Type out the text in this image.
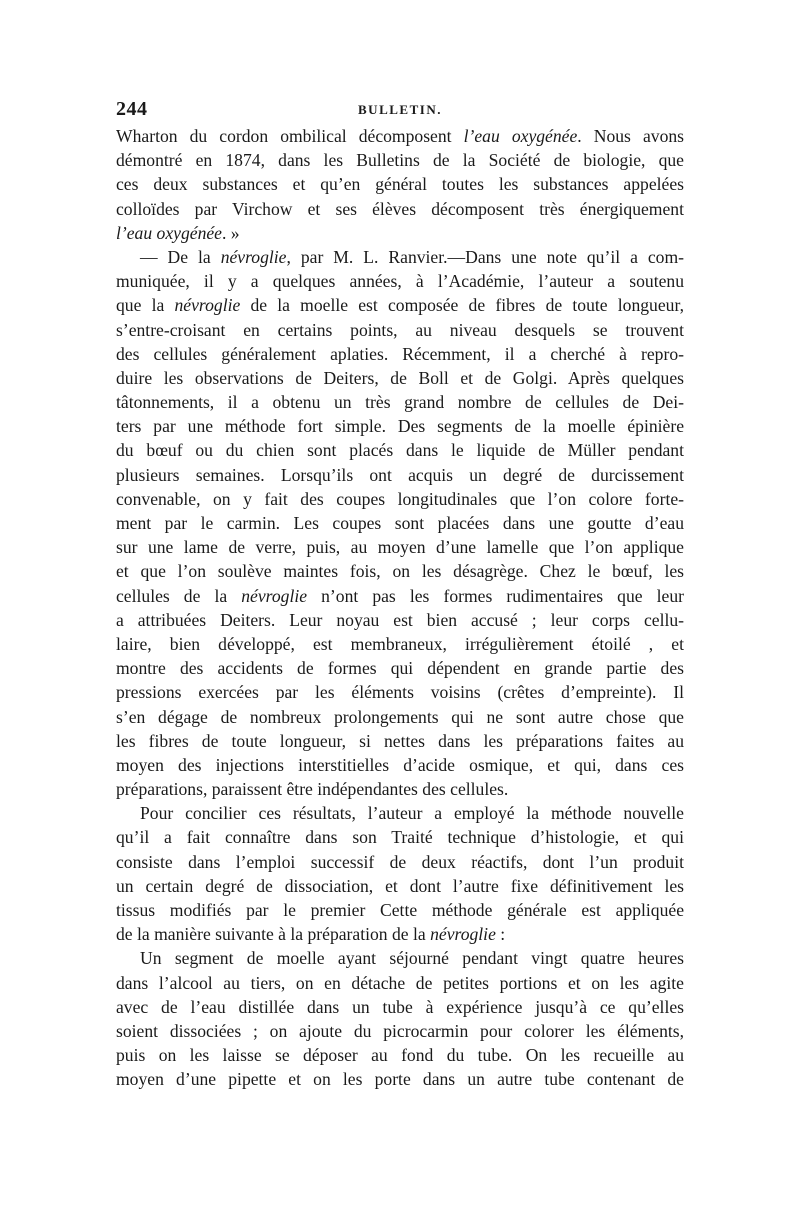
244	BULLETIN.
Wharton du cordon ombilical décomposent l’eau oxygénée. Nous avons
démontré en 1874, dans les Bulletins de la Société de biologie, que
ces deux substances et qu’en général toutes les substances appelées
colloïdes par Virchow et ses élèves décomposent très énergiquement
l’eau oxygénée. »
— De la névroglie, par M. L. Ranvier.—Dans une note qu’il a com-
muniquée, il y a quelques années, à l’Académie, l’auteur a soutenu
que la névroglie de la moelle est composée de fibres de toute longueur,
s’entre-croisant en certains points, au niveau desquels se trouvent
des cellules généralement aplaties. Récemment, il a cherché à repro-
duire les observations de Deiters, de Boll et de Golgi. Après quelques
tâtonnements, il a obtenu un très grand nombre de cellules de Dei-
ters par une méthode fort simple. Des segments de la moelle épinière
du bœuf ou du chien sont placés dans le liquide de Müller pendant
plusieurs semaines. Lorsqu’ils ont acquis un degré de durcissement
convenable, on y fait des coupes longitudinales que l’on colore forte-
ment par le carmin. Les coupes sont placées dans une goutte d’eau
sur une lame de verre, puis, au moyen d’une lamelle que l’on applique
et que l’on soulève maintes fois, on les désagrège. Chez le bœuf, les
cellules de la névroglie n’ont pas les formes rudimentaires que leur
a attribuées Deiters. Leur noyau est bien accusé ; leur corps cellu-
laire, bien développé, est membraneux, irrégulièrement étoilé , et
montre des accidents de formes qui dépendent en grande partie des
pressions exercées par les éléments voisins (crêtes d’empreinte). Il
s’en dégage de nombreux prolongements qui ne sont autre chose que
les fibres de toute longueur, si nettes dans les préparations faites au
moyen des injections interstitielles d’acide osmique, et qui, dans ces
préparations, paraissent être indépendantes des cellules.
Pour concilier ces résultats, l’auteur a employé la méthode nouvelle
qu’il a fait connaître dans son Traité technique d’histologie, et qui
consiste dans l’emploi successif de deux réactifs, dont l’un produit
un certain degré de dissociation, et dont l’autre fixe définitivement les
tissus modifiés par le premier Cette méthode générale est appliquée
de la manière suivante à la préparation de la névroglie :
Un segment de moelle ayant séjourné pendant vingt quatre heures
dans l’alcool au tiers, on en détache de petites portions et on les agite
avec de l’eau distillée dans un tube à expérience jusqu’à ce qu’elles
soient dissociées ; on ajoute du picrocarmin pour colorer les éléments,
puis on les laisse se déposer au fond du tube. On les recueille au
moyen d’une pipette et on les porte dans un autre tube contenant de
